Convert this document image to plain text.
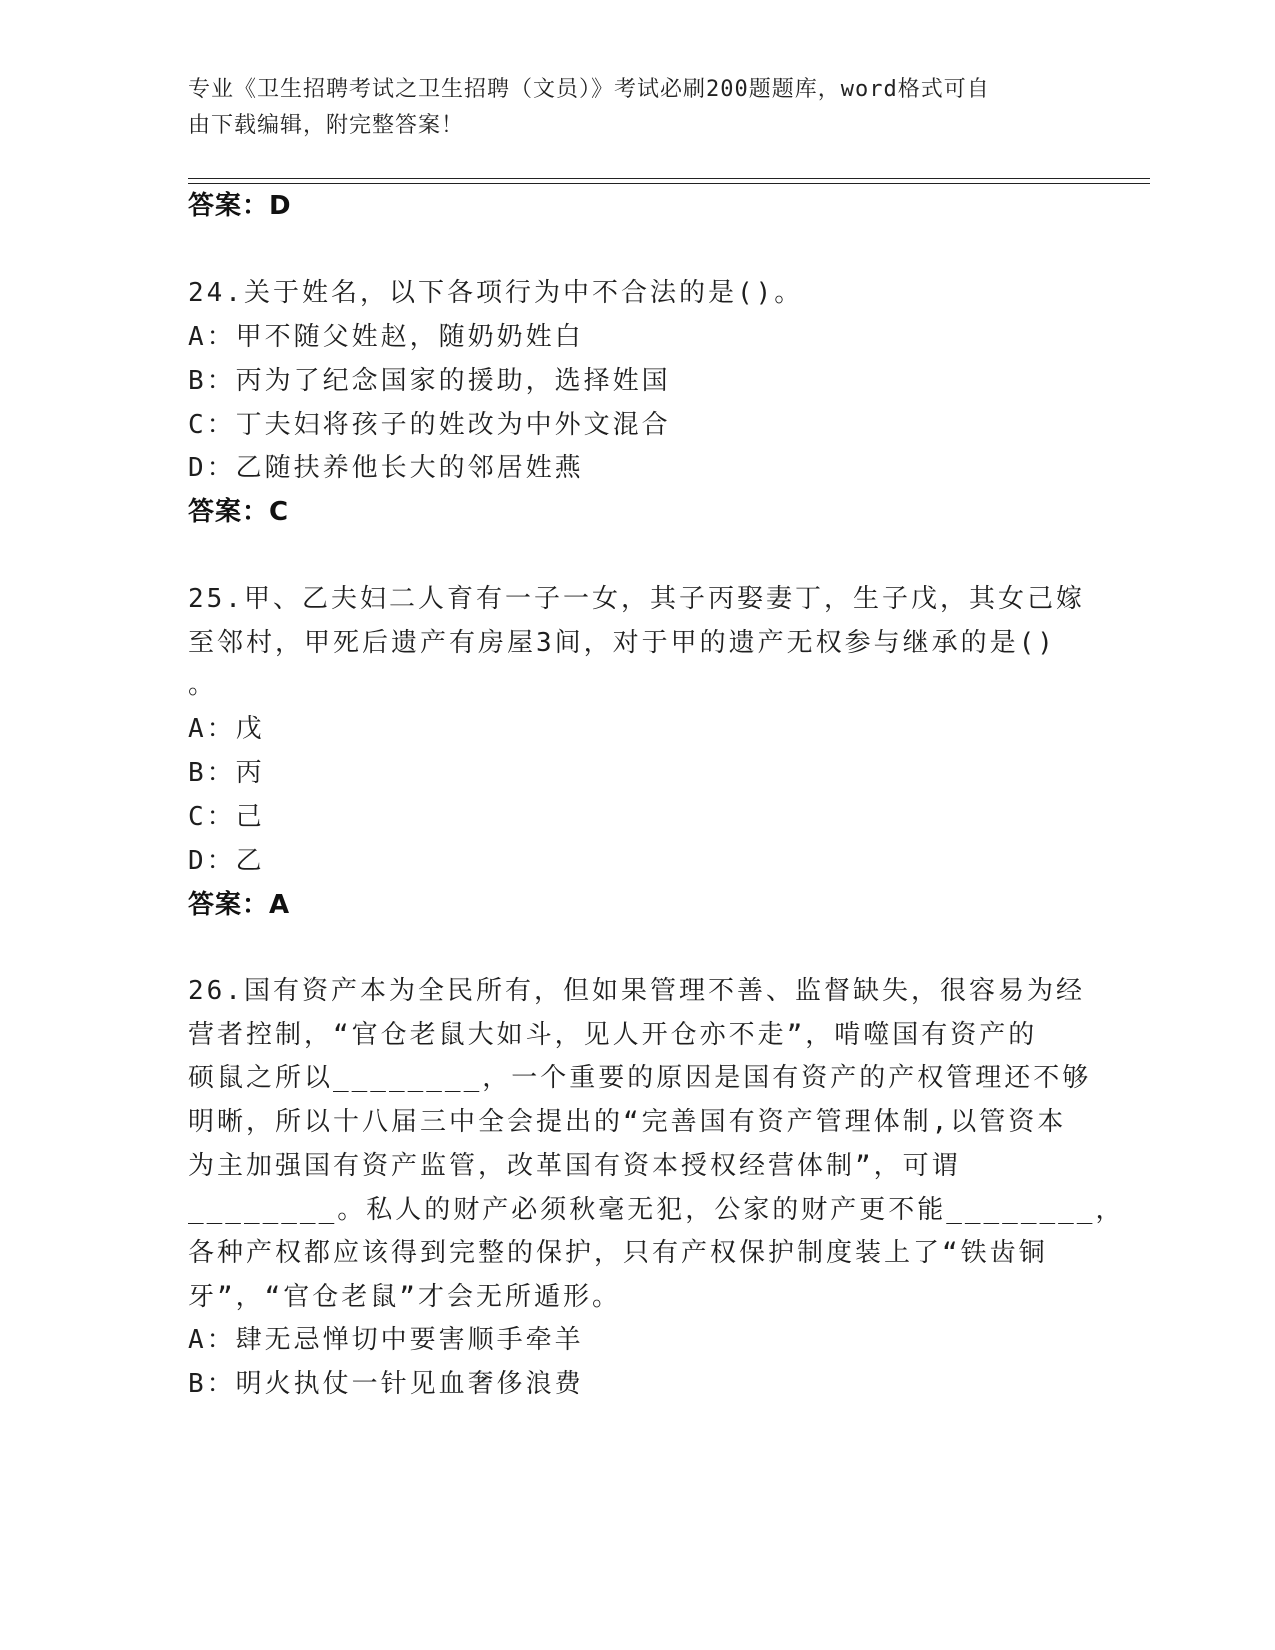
专业《卫生招聘考试之卫生招聘（文员）》考试必刷200题题库，word格式可自
由下载编辑，附完整答案！
答案：D
24.关于姓名，以下各项行为中不合法的是()。
A：甲不随父姓赵，随奶奶姓白
B：丙为了纪念国家的援助，选择姓国
C：丁夫妇将孩子的姓改为中外文混合
D：乙随扶养他长大的邻居姓燕
答案：C
25.甲、乙夫妇二人育有一子一女，其子丙娶妻丁，生子戊，其女己嫁
至邻村，甲死后遗产有房屋3间，对于甲的遗产无权参与继承的是()
。
A：戊
B：丙
C：己
D：乙
答案：A
26.国有资产本为全民所有，但如果管理不善、监督缺失，很容易为经
营者控制，“官仓老鼠大如斗，见人开仓亦不走”，啃噬国有资产的
硕鼠之所以________，一个重要的原因是国有资产的产权管理还不够
明晰，所以十八届三中全会提出的“完善国有资产管理体制,以管资本
为主加强国有资产监管，改革国有资本授权经营体制”，可谓
________。私人的财产必须秋毫无犯，公家的财产更不能________，
各种产权都应该得到完整的保护，只有产权保护制度装上了“铁齿铜
牙”，“官仓老鼠”才会无所遁形。
A：肆无忌惮切中要害顺手牵羊
B：明火执仗一针见血奢侈浪费
